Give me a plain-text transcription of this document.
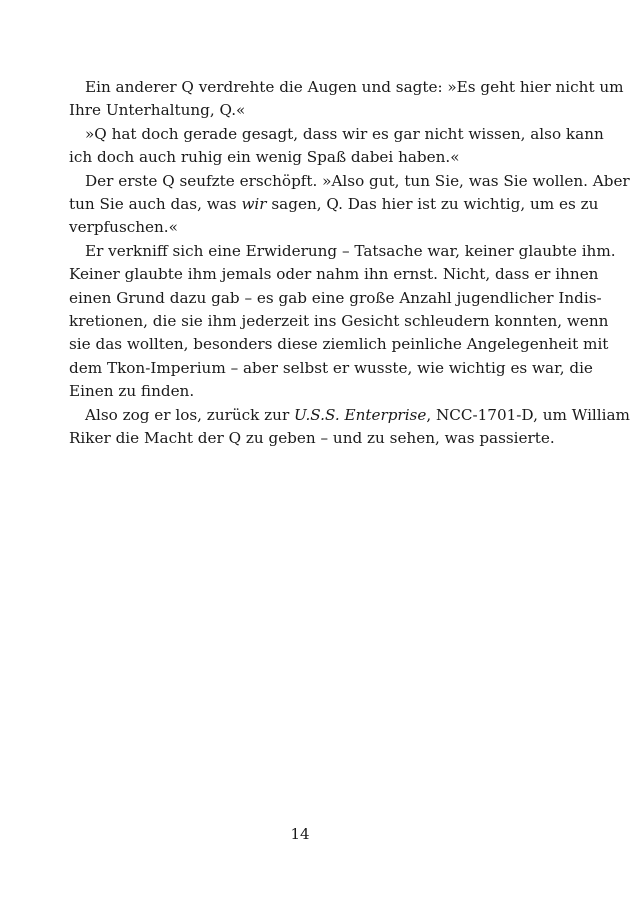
Ein anderer Q verdrehte die Augen und sagte: »Es geht hier nicht um
Ihre Unterhaltung, Q.«
»Q hat doch gerade gesagt, dass wir es gar nicht wissen, also kann
ich doch auch ruhig ein wenig Spaß dabei haben.«
Der erste Q seufzte erschöpft. »Also gut, tun Sie, was Sie wollen. Aber
tun Sie auch das, was wir sagen, Q. Das hier ist zu wichtig, um es zu
verpfuschen.«
Er verkniff sich eine Erwiderung – Tatsache war, keiner glaubte ihm.
Keiner glaubte ihm jemals oder nahm ihn ernst. Nicht, dass er ihnen
einen Grund dazu gab – es gab eine große Anzahl jugendlicher Indis-
kretionen, die sie ihm jederzeit ins Gesicht schleudern konnten, wenn
sie das wollten, besonders diese ziemlich peinliche Angelegenheit mit
dem Tkon-Imperium – aber selbst er wusste, wie wichtig es war, die
Einen zu finden.
Also zog er los, zurück zur U.S.S. Enterprise, NCC-1701-D, um William
Riker die Macht der Q zu geben – und zu sehen, was passierte.
14
